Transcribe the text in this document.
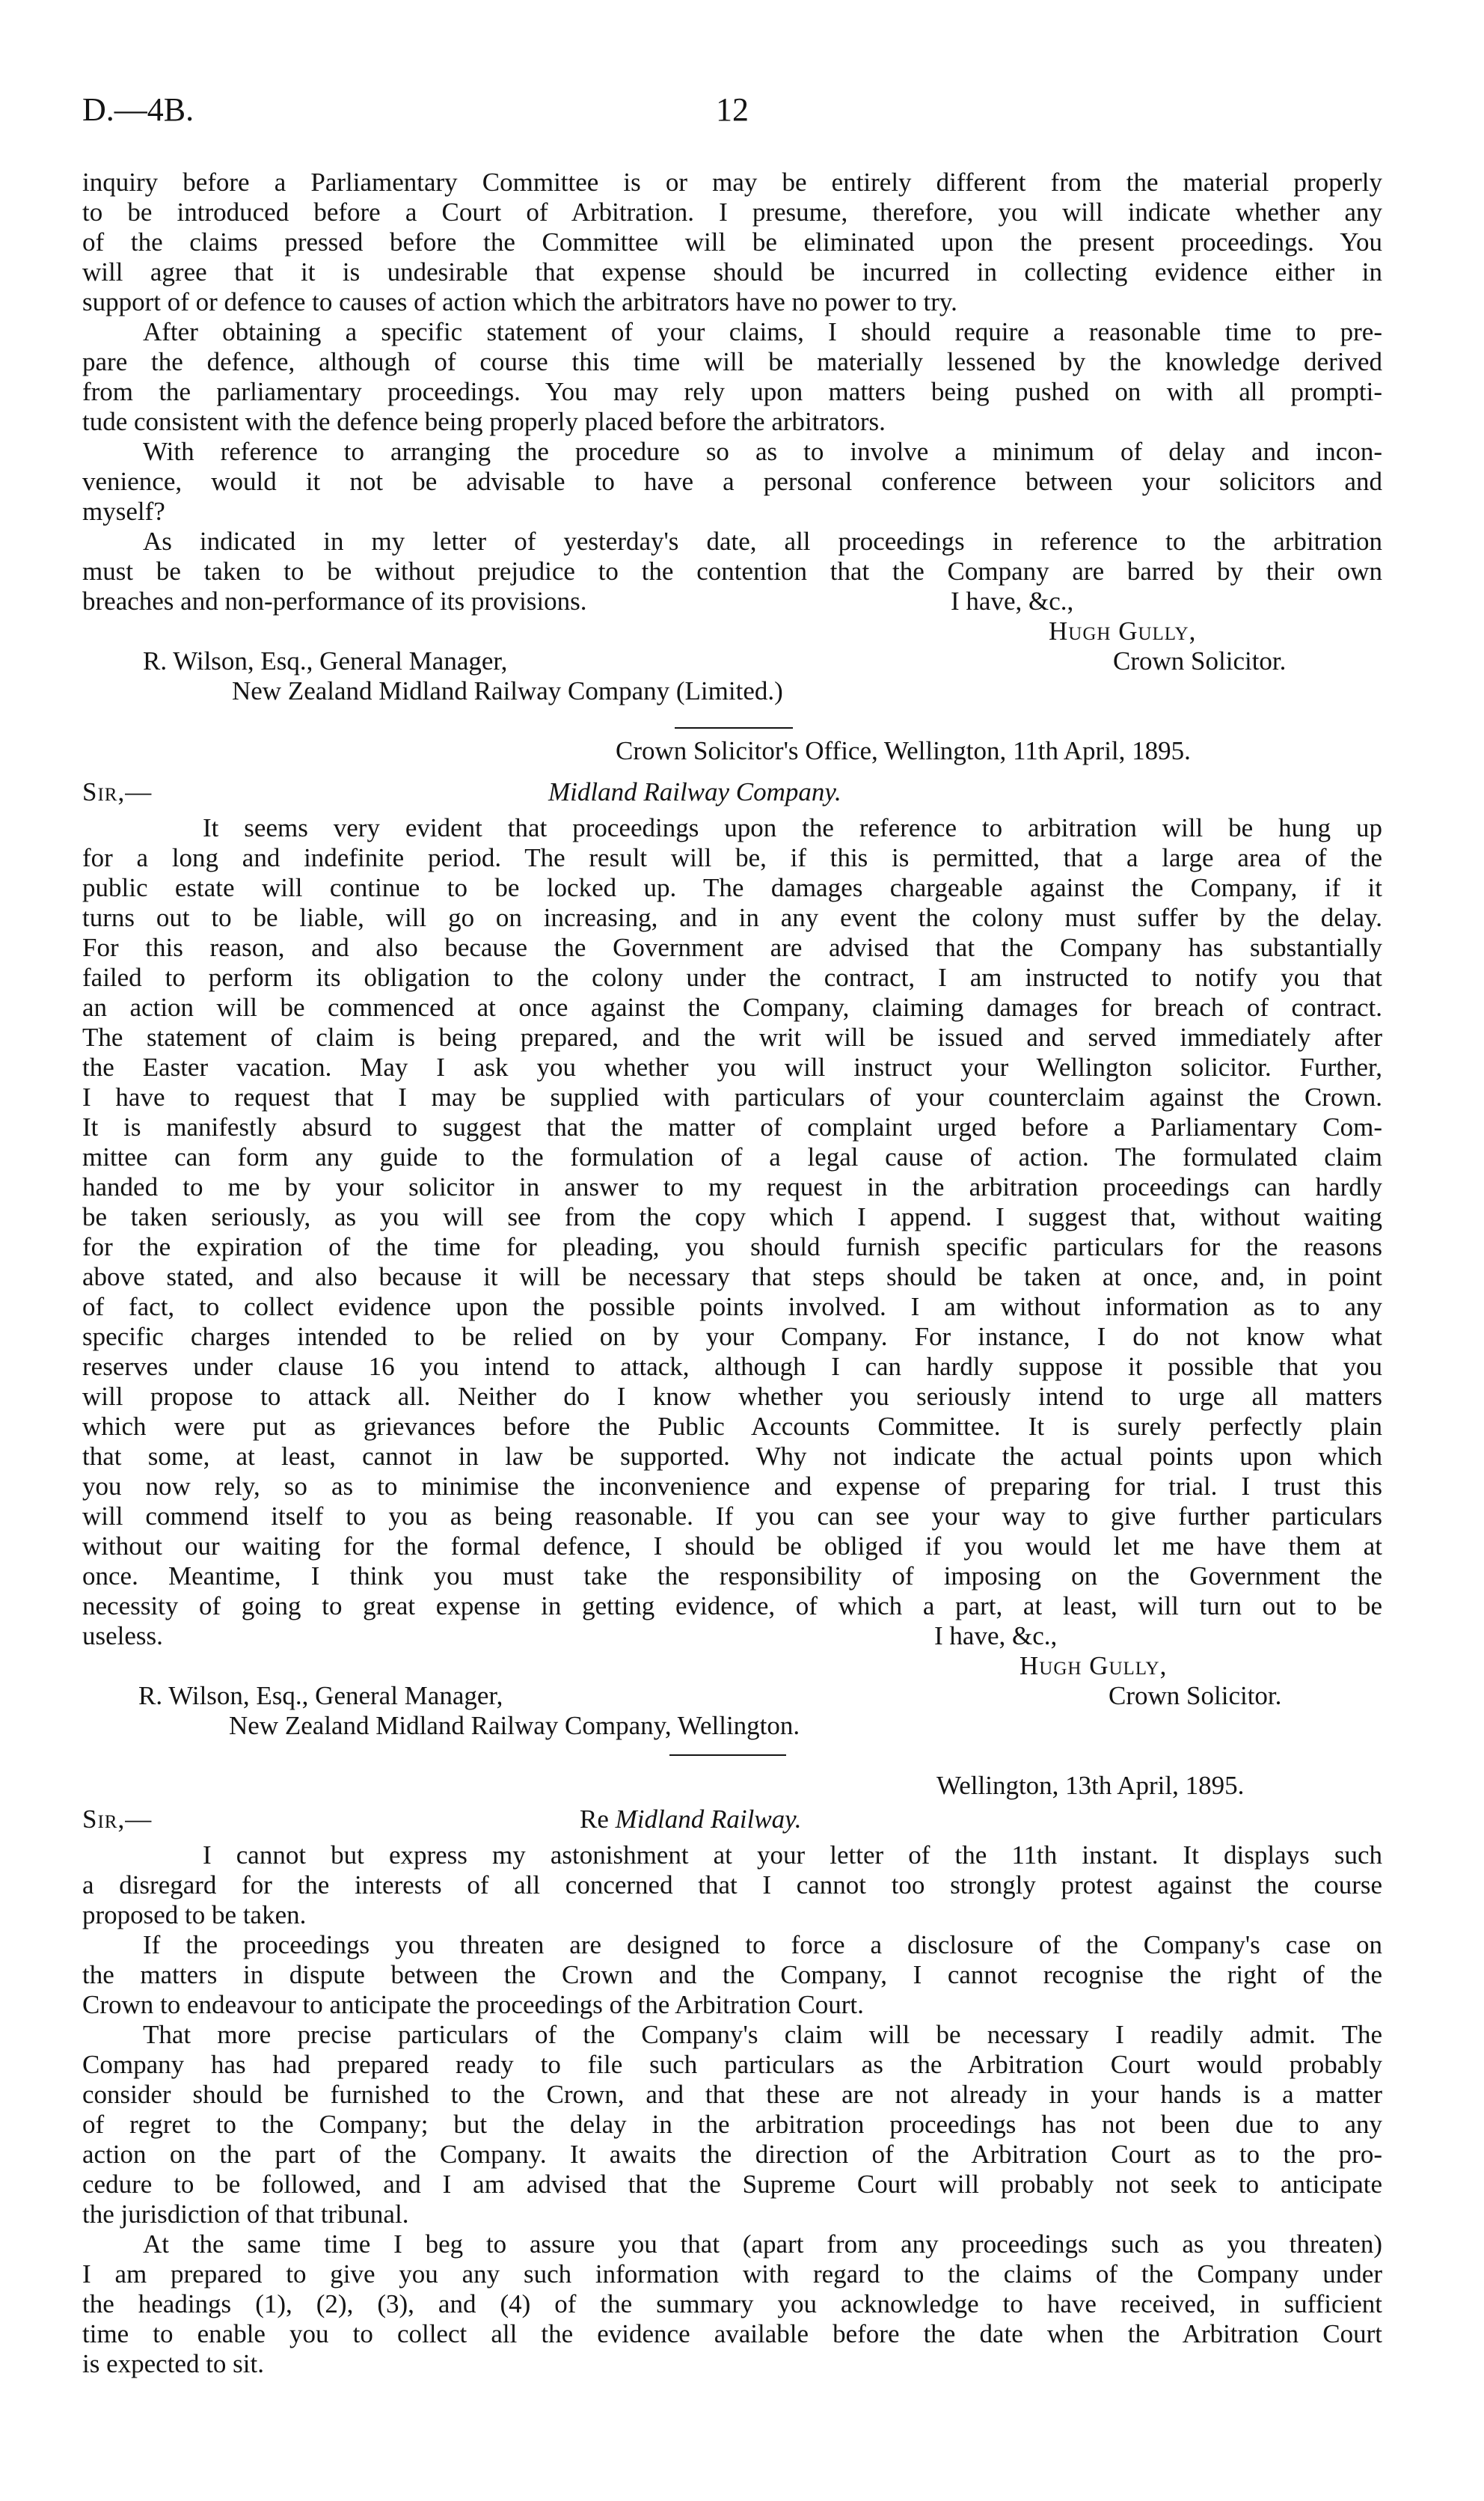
D.—4B.	12
inquiry before a Parliamentary Committee is or may be entirely different from the material properly
to be introduced before a Court of Arbitration. I presume, therefore, you will indicate whether any
of the claims pressed before the Committee will be eliminated upon the present proceedings. You
will agree that it is undesirable that expense should be incurred in collecting evidence either in
support of or defence to causes of action which the arbitrators have no power to try.
After obtaining a specific statement of your claims, I should require a reasonable time to pre-
pare the defence, although of course this time will be materially lessened by the knowledge derived
from the parliamentary proceedings. You may rely upon matters being pushed on with all prompti-
tude consistent with the defence being properly placed before the arbitrators.
With reference to arranging the procedure so as to involve a minimum of delay and incon-
venience, would it not be advisable to have a personal conference between your solicitors and
myself?
As indicated in my letter of yesterday's date, all proceedings in reference to the arbitration
must be taken to be without prejudice to the contention that the Company are barred by their own
breaches and non-performance of its provisions.	I have, &c.,
Hugh Gully,
R. Wilson, Esq., General Manager,	Crown Solicitor.
New Zealand Midland Railway Company (Limited.)
Crown Solicitor's Office, Wellington, 11th April, 1895.
Sir,—	Midland Railway Company.
It seems very evident that proceedings upon the reference to arbitration will be hung up
for a long and indefinite period. The result will be, if this is permitted, that a large area of the
public estate will continue to be locked up. The damages chargeable against the Company, if it
turns out to be liable, will go on increasing, and in any event the colony must suffer by the delay.
For this reason, and also because the Government are advised that the Company has substantially
failed to perform its obligation to the colony under the contract, I am instructed to notify you that
an action will be commenced at once against the Company, claiming damages for breach of contract.
The statement of claim is being prepared, and the writ will be issued and served immediately after
the Easter vacation. May I ask you whether you will instruct your Wellington solicitor. Further,
I have to request that I may be supplied with particulars of your counterclaim against the Crown.
It is manifestly absurd to suggest that the matter of complaint urged before a Parliamentary Com-
mittee can form any guide to the formulation of a legal cause of action. The formulated claim
handed to me by your solicitor in answer to my request in the arbitration proceedings can hardly
be taken seriously, as you will see from the copy which I append. I suggest that, without waiting
for the expiration of the time for pleading, you should furnish specific particulars for the reasons
above stated, and also because it will be necessary that steps should be taken at once, and, in point
of fact, to collect evidence upon the possible points involved. I am without information as to any
specific charges intended to be relied on by your Company. For instance, I do not know what
reserves under clause 16 you intend to attack, although I can hardly suppose it possible that you
will propose to attack all. Neither do I know whether you seriously intend to urge all matters
which were put as grievances before the Public Accounts Committee. It is surely perfectly plain
that some, at least, cannot in law be supported. Why not indicate the actual points upon which
you now rely, so as to minimise the inconvenience and expense of preparing for trial. I trust this
will commend itself to you as being reasonable. If you can see your way to give further particulars
without our waiting for the formal defence, I should be obliged if you would let me have them at
once. Meantime, I think you must take the responsibility of imposing on the Government the
necessity of going to great expense in getting evidence, of which a part, at least, will turn out to be
useless.	I have, &c.,
Hugh Gully,
R. Wilson, Esq., General Manager,	Crown Solicitor.
New Zealand Midland Railway Company, Wellington.
Wellington, 13th April, 1895.
Sir,—	Re Midland Railway.
I cannot but express my astonishment at your letter of the 11th instant. It displays such
a disregard for the interests of all concerned that I cannot too strongly protest against the course
proposed to be taken.
If the proceedings you threaten are designed to force a disclosure of the Company's case on
the matters in dispute between the Crown and the Company, I cannot recognise the right of the
Crown to endeavour to anticipate the proceedings of the Arbitration Court.
That more precise particulars of the Company's claim will be necessary I readily admit. The
Company has had prepared ready to file such particulars as the Arbitration Court would probably
consider should be furnished to the Crown, and that these are not already in your hands is a matter
of regret to the Company; but the delay in the arbitration proceedings has not been due to any
action on the part of the Company. It awaits the direction of the Arbitration Court as to the pro-
cedure to be followed, and I am advised that the Supreme Court will probably not seek to anticipate
the jurisdiction of that tribunal.
At the same time I beg to assure you that (apart from any proceedings such as you threaten)
I am prepared to give you any such information with regard to the claims of the Company under
the headings (1), (2), (3), and (4) of the summary you acknowledge to have received, in sufficient
time to enable you to collect all the evidence available before the date when the Arbitration Court
is expected to sit.
